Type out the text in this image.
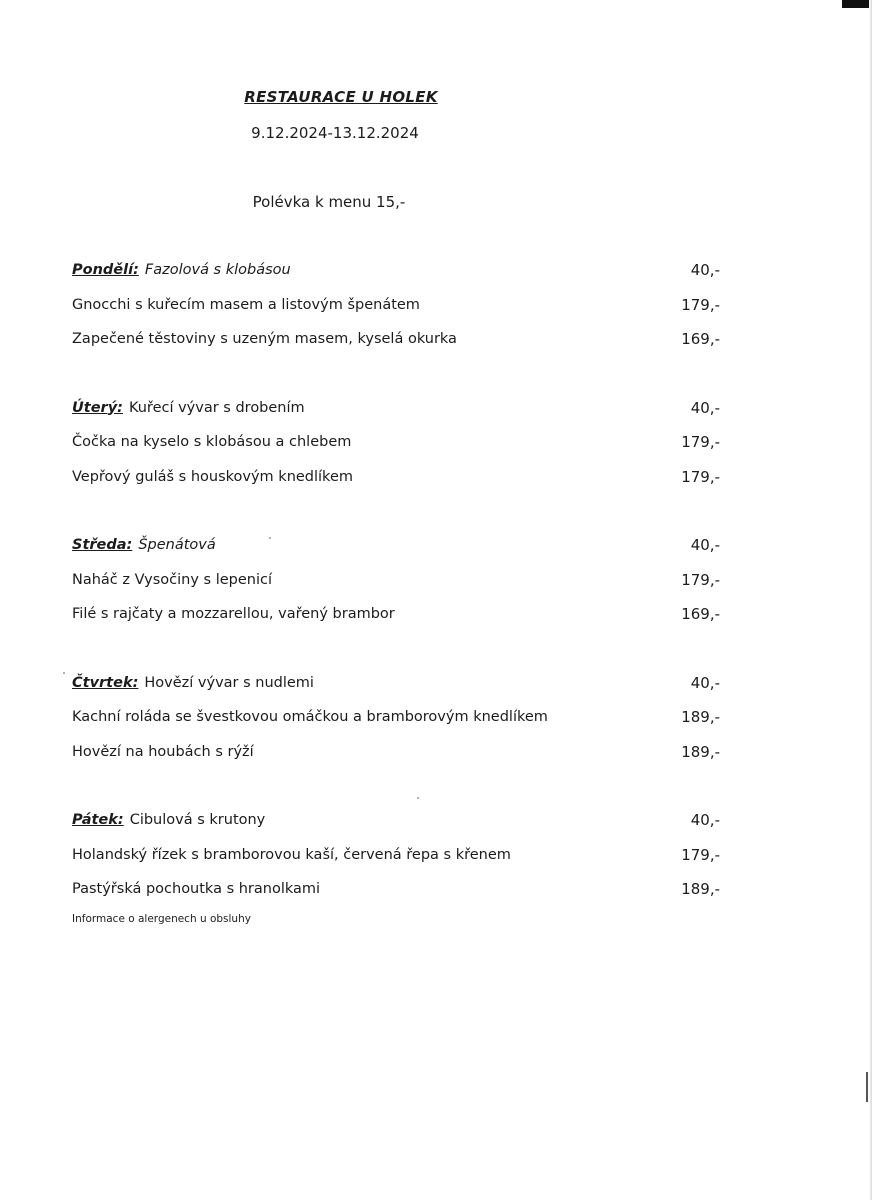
RESTAURACE U HOLEK
9.12.2024-13.12.2024
Polévka k menu 15,-
Pondělí: Fazolová s klobásou	40,-
Gnocchi s kuřecím masem a listovým špenátem	179,-
Zapečené těstoviny s uzeným masem, kyselá okurka	169,-
Úterý: Kuřecí vývar s drobením	40,-
Čočka na kyselo s klobásou a chlebem	179,-
Vepřový guláš s houskovým knedlíkem	179,-
Středa: Špenátová	40,-
Naháč z Vysočiny s lepenicí	179,-
Filé s rajčaty a mozzarellou, vařený brambor	169,-
Čtvrtek: Hovězí vývar s nudlemi	40,-
Kachní roláda se švestkovou omáčkou a bramborovým knedlíkem	189,-
Hovězí na houbách s rýží	189,-
Pátek: Cibulová s krutony	40,-
Holandský řízek s bramborovou kaší, červená řepa s křenem	179,-
Pastýřská pochoutka s hranolkami	189,-
Informace o alergenech u obsluhy
